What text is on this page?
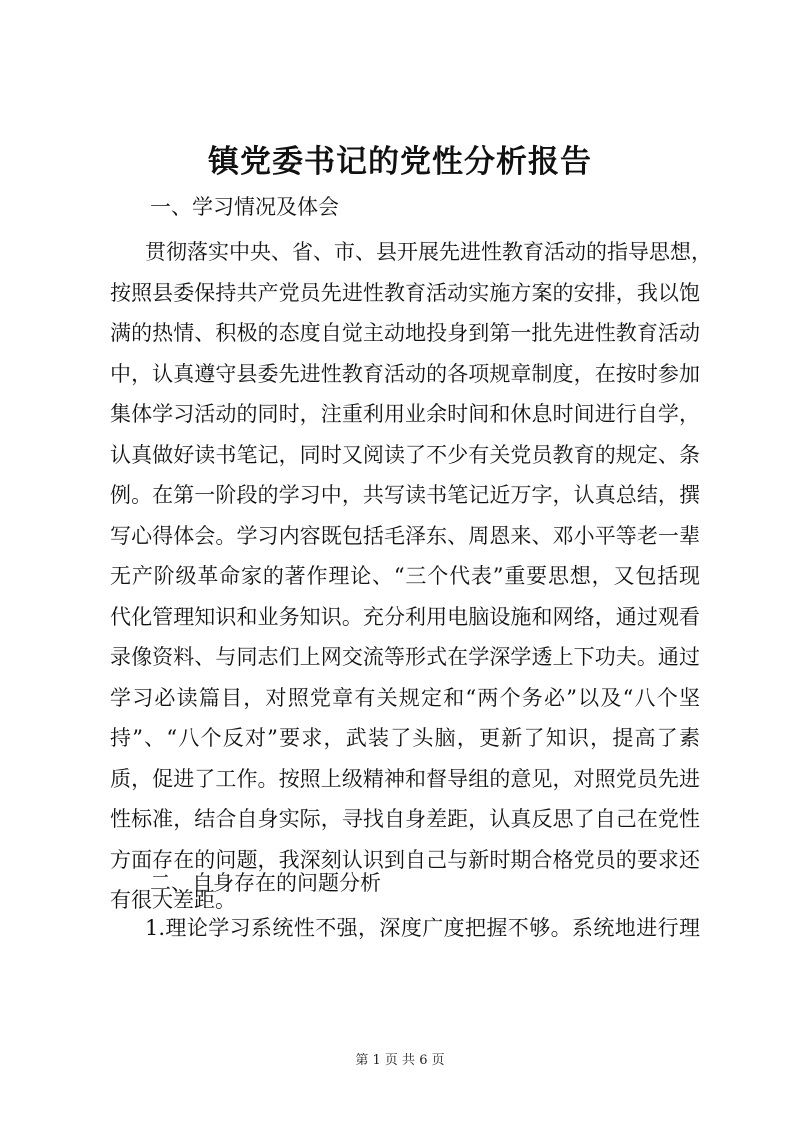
镇党委书记的党性分析报告

一、学习情况及体会

贯彻落实中央、省、市、县开展先进性教育活动的指导思想，
按照县委保持共产党员先进性教育活动实施方案的安排，我以饱
满的热情、积极的态度自觉主动地投身到第一批先进性教育活动
中，认真遵守县委先进性教育活动的各项规章制度，在按时参加
集体学习活动的同时，注重利用业余时间和休息时间进行自学，
认真做好读书笔记，同时又阅读了不少有关党员教育的规定、条
例。在第一阶段的学习中，共写读书笔记近万字，认真总结，撰
写心得体会。学习内容既包括毛泽东、周恩来、邓小平等老一辈
无产阶级革命家的著作理论、“三个代表”重要思想，又包括现
代化管理知识和业务知识。充分利用电脑设施和网络，通过观看
录像资料、与同志们上网交流等形式在学深学透上下功夫。通过
学习必读篇目，对照党章有关规定和“两个务必”以及“八个坚
持”、“八个反对”要求，武装了头脑，更新了知识，提高了素
质，促进了工作。按照上级精神和督导组的意见，对照党员先进
性标准，结合自身实际，寻找自身差距，认真反思了自己在党性
方面存在的问题，我深刻认识到自己与新时期合格党员的要求还
有很大差距。

二、自身存在的问题分析

1.理论学习系统性不强，深度广度把握不够。系统地进行理
第 1 页 共 6 页
